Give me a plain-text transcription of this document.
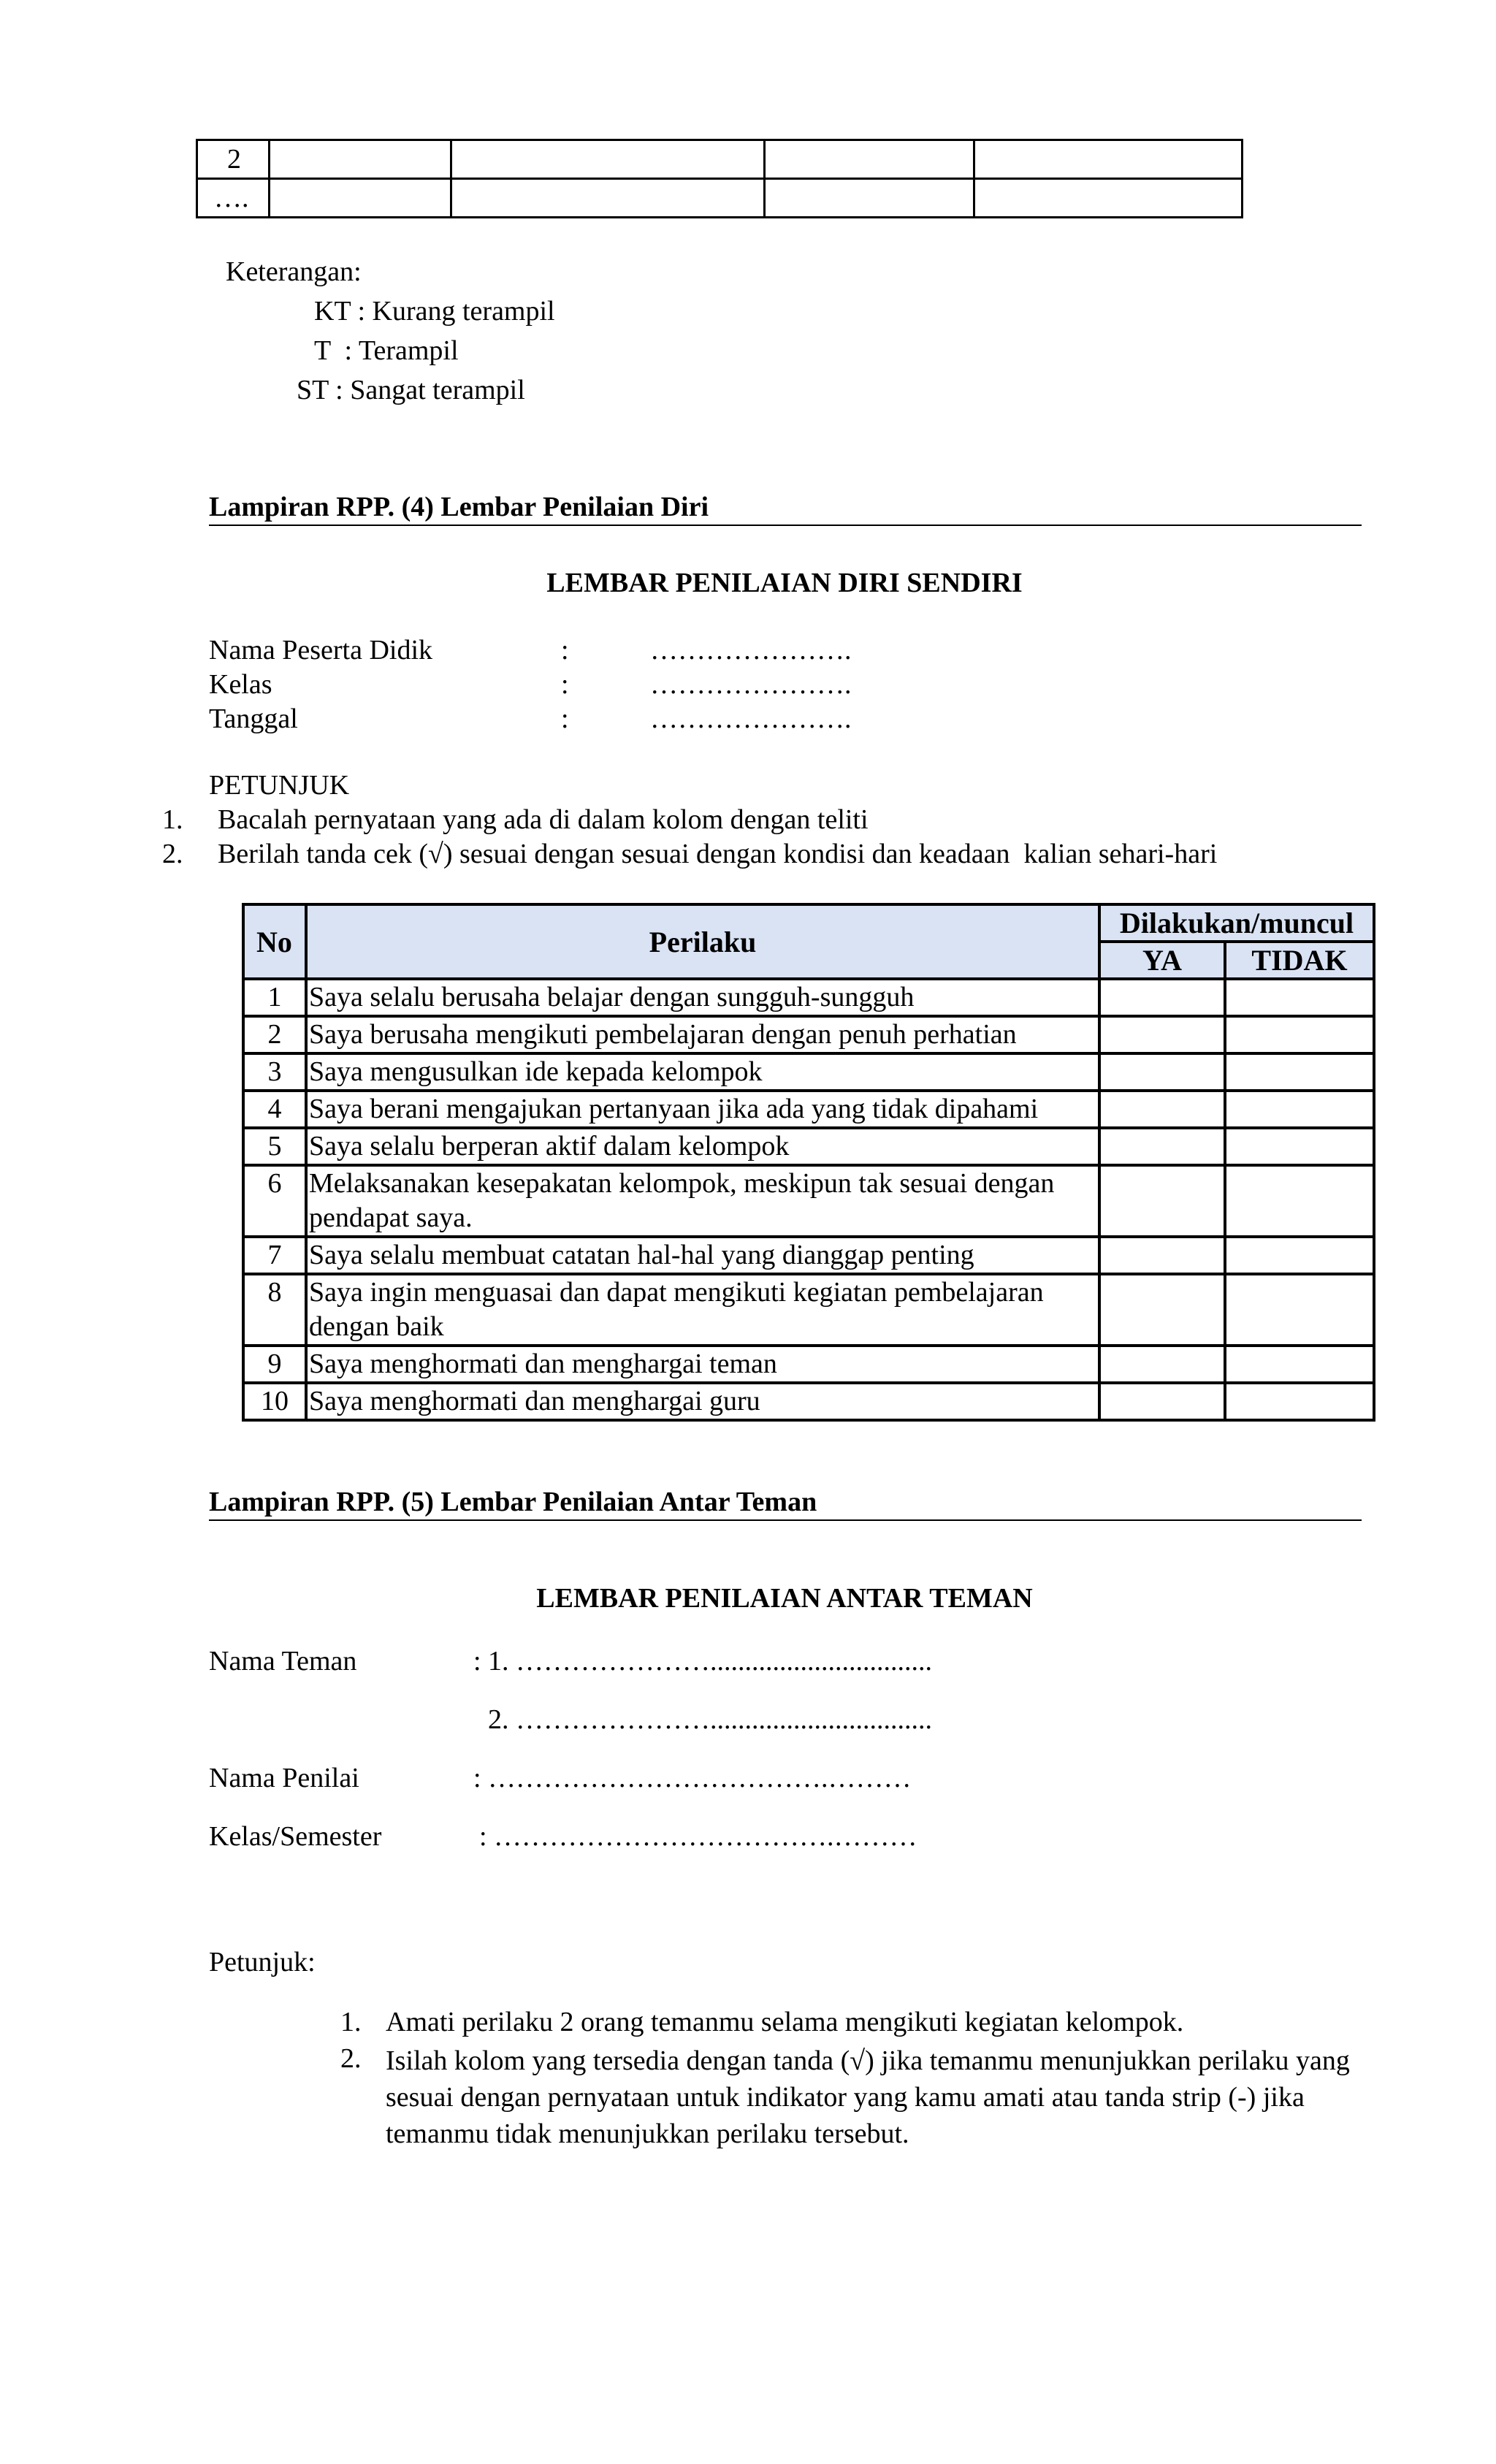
2				
….				
Keterangan:
KT : Kurang terampil
T  : Terampil
ST : Sangat terampil
Lampiran RPP. (4) Lembar Penilaian Diri
LEMBAR PENILAIAN DIRI SENDIRI
Nama Peserta Didik	:	………………….
Kelas	:	………………….
Tanggal	:	………………….
PETUNJUK
1. Bacalah pernyataan yang ada di dalam kolom dengan teliti
2. Berilah tanda cek (√) sesuai dengan sesuai dengan kondisi dan keadaan  kalian sehari-hari
No	Perilaku	Dilakukan/muncul	
		YA	TIDAK
1	Saya selalu berusaha belajar dengan sungguh-sungguh		
2	Saya berusaha mengikuti pembelajaran dengan penuh perhatian		
3	Saya mengusulkan ide kepada kelompok		
4	Saya berani mengajukan pertanyaan jika ada yang tidak dipahami		
5	Saya selalu berperan aktif dalam kelompok		
6	Melaksanakan kesepakatan kelompok, meskipun tak sesuai dengan pendapat saya.		
7	Saya selalu membuat catatan hal-hal yang dianggap penting		
8	Saya ingin menguasai dan dapat mengikuti kegiatan pembelajaran dengan baik		
9	Saya menghormati dan menghargai teman		
10	Saya menghormati dan menghargai guru		
Lampiran RPP. (5) Lembar Penilaian Antar Teman
LEMBAR PENILAIAN ANTAR TEMAN
Nama Teman	: 1. …………………................................
2. …………………................................
Nama Penilai	: ……………………………….………
Kelas/Semester	: ……………………………….………
Petunjuk:
1. Amati perilaku 2 orang temanmu selama mengikuti kegiatan kelompok.
2. Isilah kolom yang tersedia dengan tanda (√) jika temanmu menunjukkan perilaku yang sesuai dengan pernyataan untuk indikator yang kamu amati atau tanda strip (-) jika temanmu tidak menunjukkan perilaku tersebut.
